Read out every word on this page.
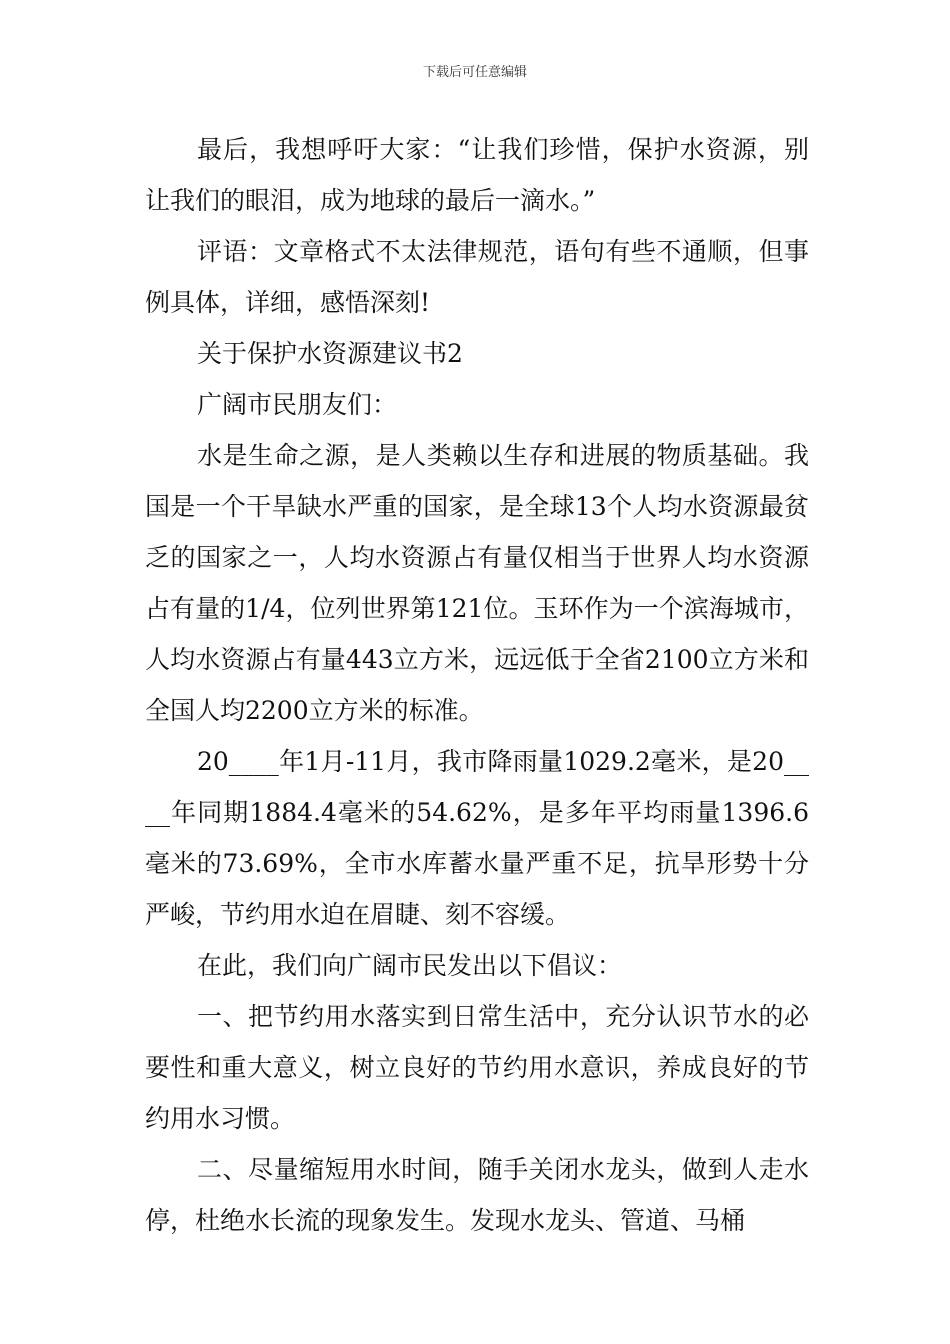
下载后可任意编辑

最后，我想呼吁大家：“让我们珍惜，保护水资源，别让我们的眼泪，成为地球的最后一滴水。”

评语：文章格式不太法律规范，语句有些不通顺，但事例具体，详细，感悟深刻!

关于保护水资源建议书2

广阔市民朋友们：

水是生命之源，是人类赖以生存和进展的物质基础。我国是一个干旱缺水严重的国家，是全球13个人均水资源最贫乏的国家之一，人均水资源占有量仅相当于世界人均水资源占有量的1/4，位列世界第121位。玉环作为一个滨海城市，人均水资源占有量443立方米，远远低于全省2100立方米和全国人均2200立方米的标准。

20____年1月-11月，我市降雨量1029.2毫米，是20____年同期1884.4毫米的54.62%，是多年平均雨量1396.6毫米的73.69%，全市水库蓄水量严重不足，抗旱形势十分严峻，节约用水迫在眉睫、刻不容缓。

在此，我们向广阔市民发出以下倡议：

一、把节约用水落实到日常生活中，充分认识节水的必要性和重大意义，树立良好的节约用水意识，养成良好的节约用水习惯。

二、尽量缩短用水时间，随手关闭水龙头，做到人走水停，杜绝水长流的现象发生。发现水龙头、管道、马桶
